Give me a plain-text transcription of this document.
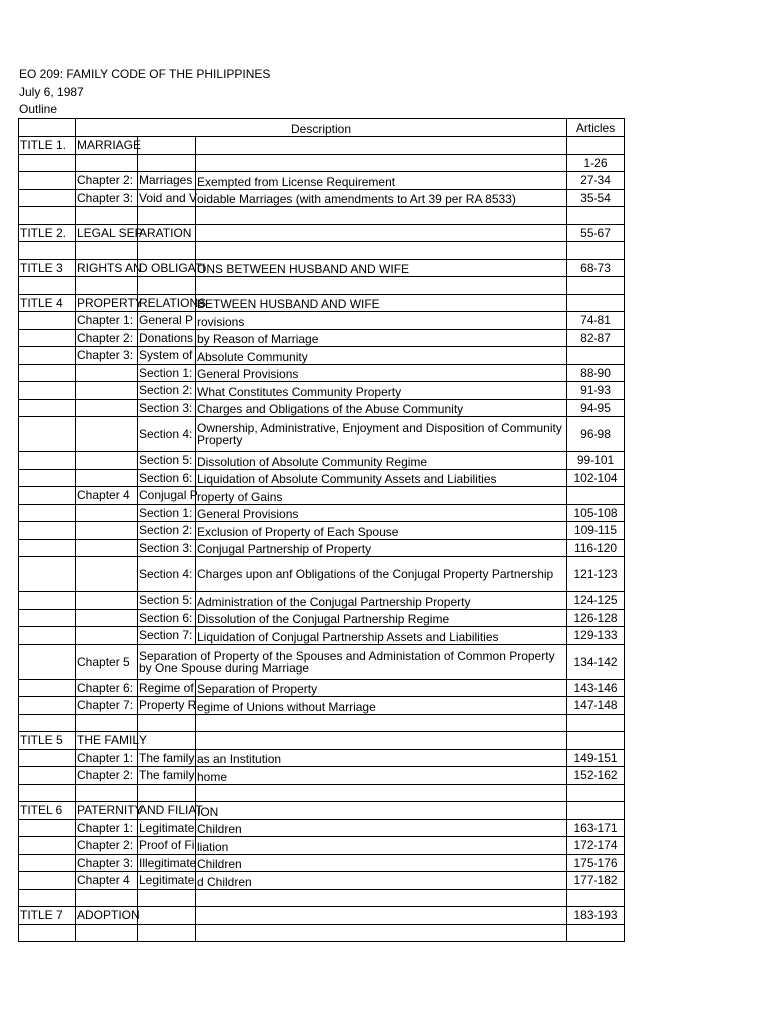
EO 209: FAMILY CODE OF THE PHILIPPINES
July 6, 1987
Outline
	Description			Articles
TITLE 1.	MARRIAGE			
				1-26
	Chapter 2:	Marriages	Exempted from License Requirement	27-34
	Chapter 3:	Void and V	oidable Marriages (with amendments to Art 39 per RA 8533)	35-54

TITLE 2.	LEGAL SEP	ARATION		55-67

TITLE 3	RIGHTS AN	D OBLIGATI	ONS BETWEEN HUSBAND AND WIFE	68-73

TITLE 4	PROPERTY	RELATIONS	BETWEEN HUSBAND AND WIFE	
	Chapter 1:	General P	rovisions	74-81
	Chapter 2:	Donations	by Reason of Marriage	82-87
	Chapter 3:	System of	Absolute Community	
		Section 1:	General Provisions	88-90
		Section 2:	What Constitutes Community Property	91-93
		Section 3:	Charges and Obligations of the Abuse Community	94-95
		Section 4:	Ownership, Administrative, Enjoyment and Disposition of Community Property	96-98
		Section 5:	Dissolution of Absolute Community Regime	99-101
		Section 6:	Liquidation of Absolute Community Assets and Liabilities	102-104
	Chapter 4	Conjugal P	roperty of Gains	
		Section 1:	General Provisions	105-108
		Section 2:	Exclusion of Property of Each Spouse	109-115
		Section 3:	Conjugal Partnership of Property	116-120
		Section 4:	Charges upon anf Obligations of the Conjugal Property Partnership	121-123
		Section 5:	Administration of the Conjugal Partnership Property	124-125
		Section 6:	Dissolution of the Conjugal Partnership Regime	126-128
		Section 7:	Liquidation of Conjugal Partnership Assets and Liabilities	129-133
	Chapter 5	Separation of Property of the Spouses and Administation of Common Property by One Spouse during Marriage		134-142
	Chapter 6:	Regime of	Separation of Property	143-146
	Chapter 7:	Property R	egime of Unions without Marriage	147-148

TITLE 5	THE FAMIL	Y		
	Chapter 1:	The family	as an Institution	149-151
	Chapter 2:	The family	home	152-162

TITEL 6	PATERNITY	AND FILIAT	ION	
	Chapter 1:	Legitimate	Children	163-171
	Chapter 2:	Proof of Fi	liation	172-174
	Chapter 3:	Illegitimate	Children	175-176
	Chapter 4	Legitimate	d Children	177-182

TITLE 7	ADOPTION			183-193
